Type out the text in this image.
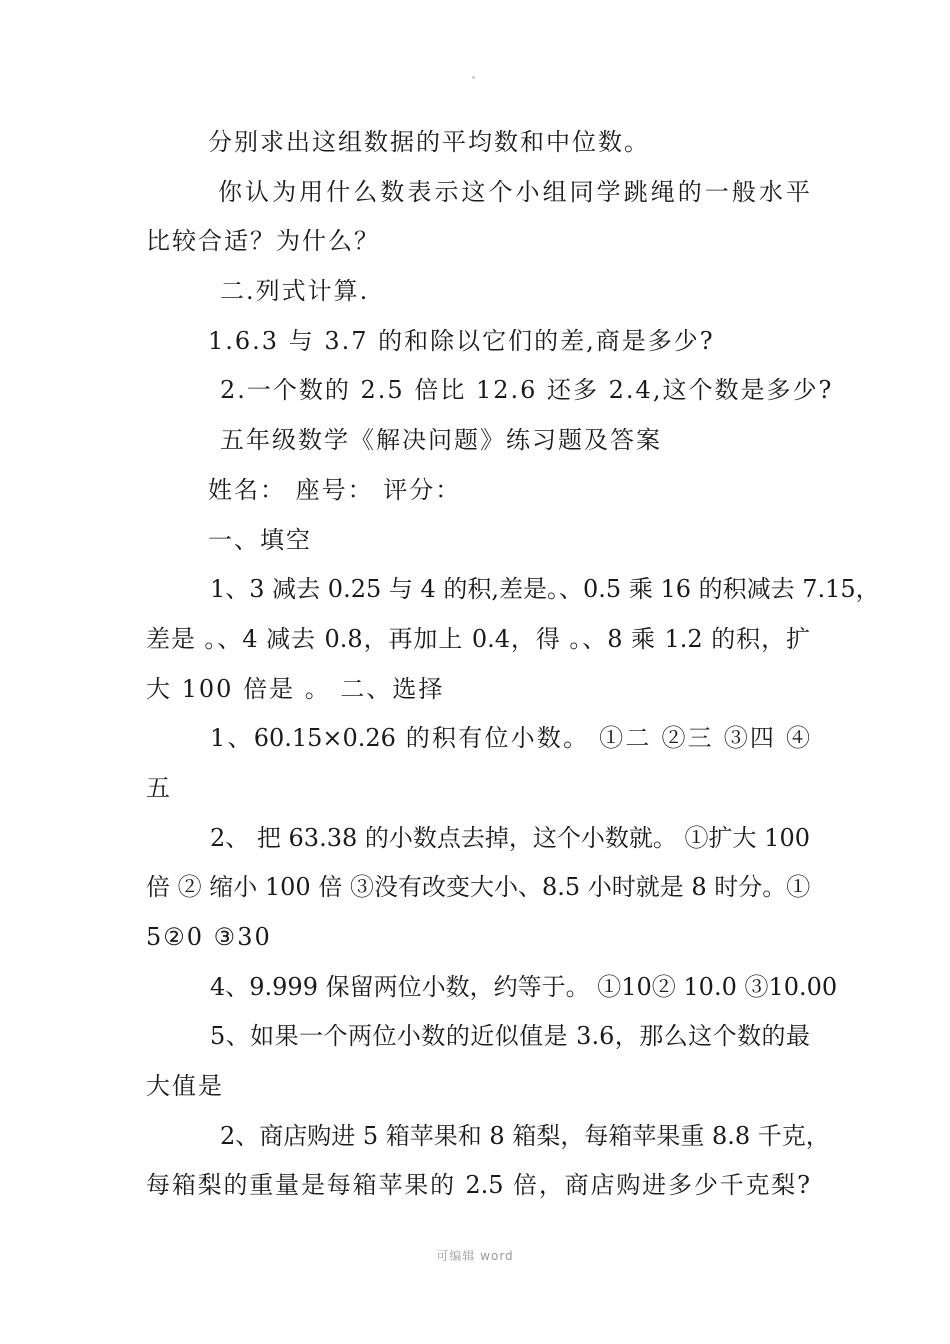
分别求出这组数据的平均数和中位数。
你认为用什么数表示这个小组同学跳绳的一般水平
比较合适？为什么？
二.列式计算.
1.6.3 与 3.7 的和除以它们的差,商是多少?
2.一个数的 2.5 倍比 12.6 还多 2.4,这个数是多少?
五年级数学《解决问题》练习题及答案
姓名： 座号： 评分：
一、填空
1、3 减去 0.25 与 4 的积,差是。、0.5 乘 16 的积减去 7.15，
差是 。、4 减去 0.8，再加上 0.4，得 。、8 乘 1.2 的积，扩
大 100 倍是 。 二、选择
1、60.15×0.26 的积有位小数。 ①二 ②三 ③四 ④
五
2、 把 63.38 的小数点去掉，这个小数就。 ①扩大 100
倍 ② 缩小 100 倍 ③没有改变大小、8.5 小时就是 8 时分。①
5②0 ③30
4、9.999 保留两位小数，约等于。 ①10② 10.0 ③10.00
5、如果一个两位小数的近似值是 3.6，那么这个数的最
大值是
2、商店购进 5 箱苹果和 8 箱梨，每箱苹果重 8.8 千克，
每箱梨的重量是每箱苹果的 2.5 倍，商店购进多少千克梨?
可编辑 word
